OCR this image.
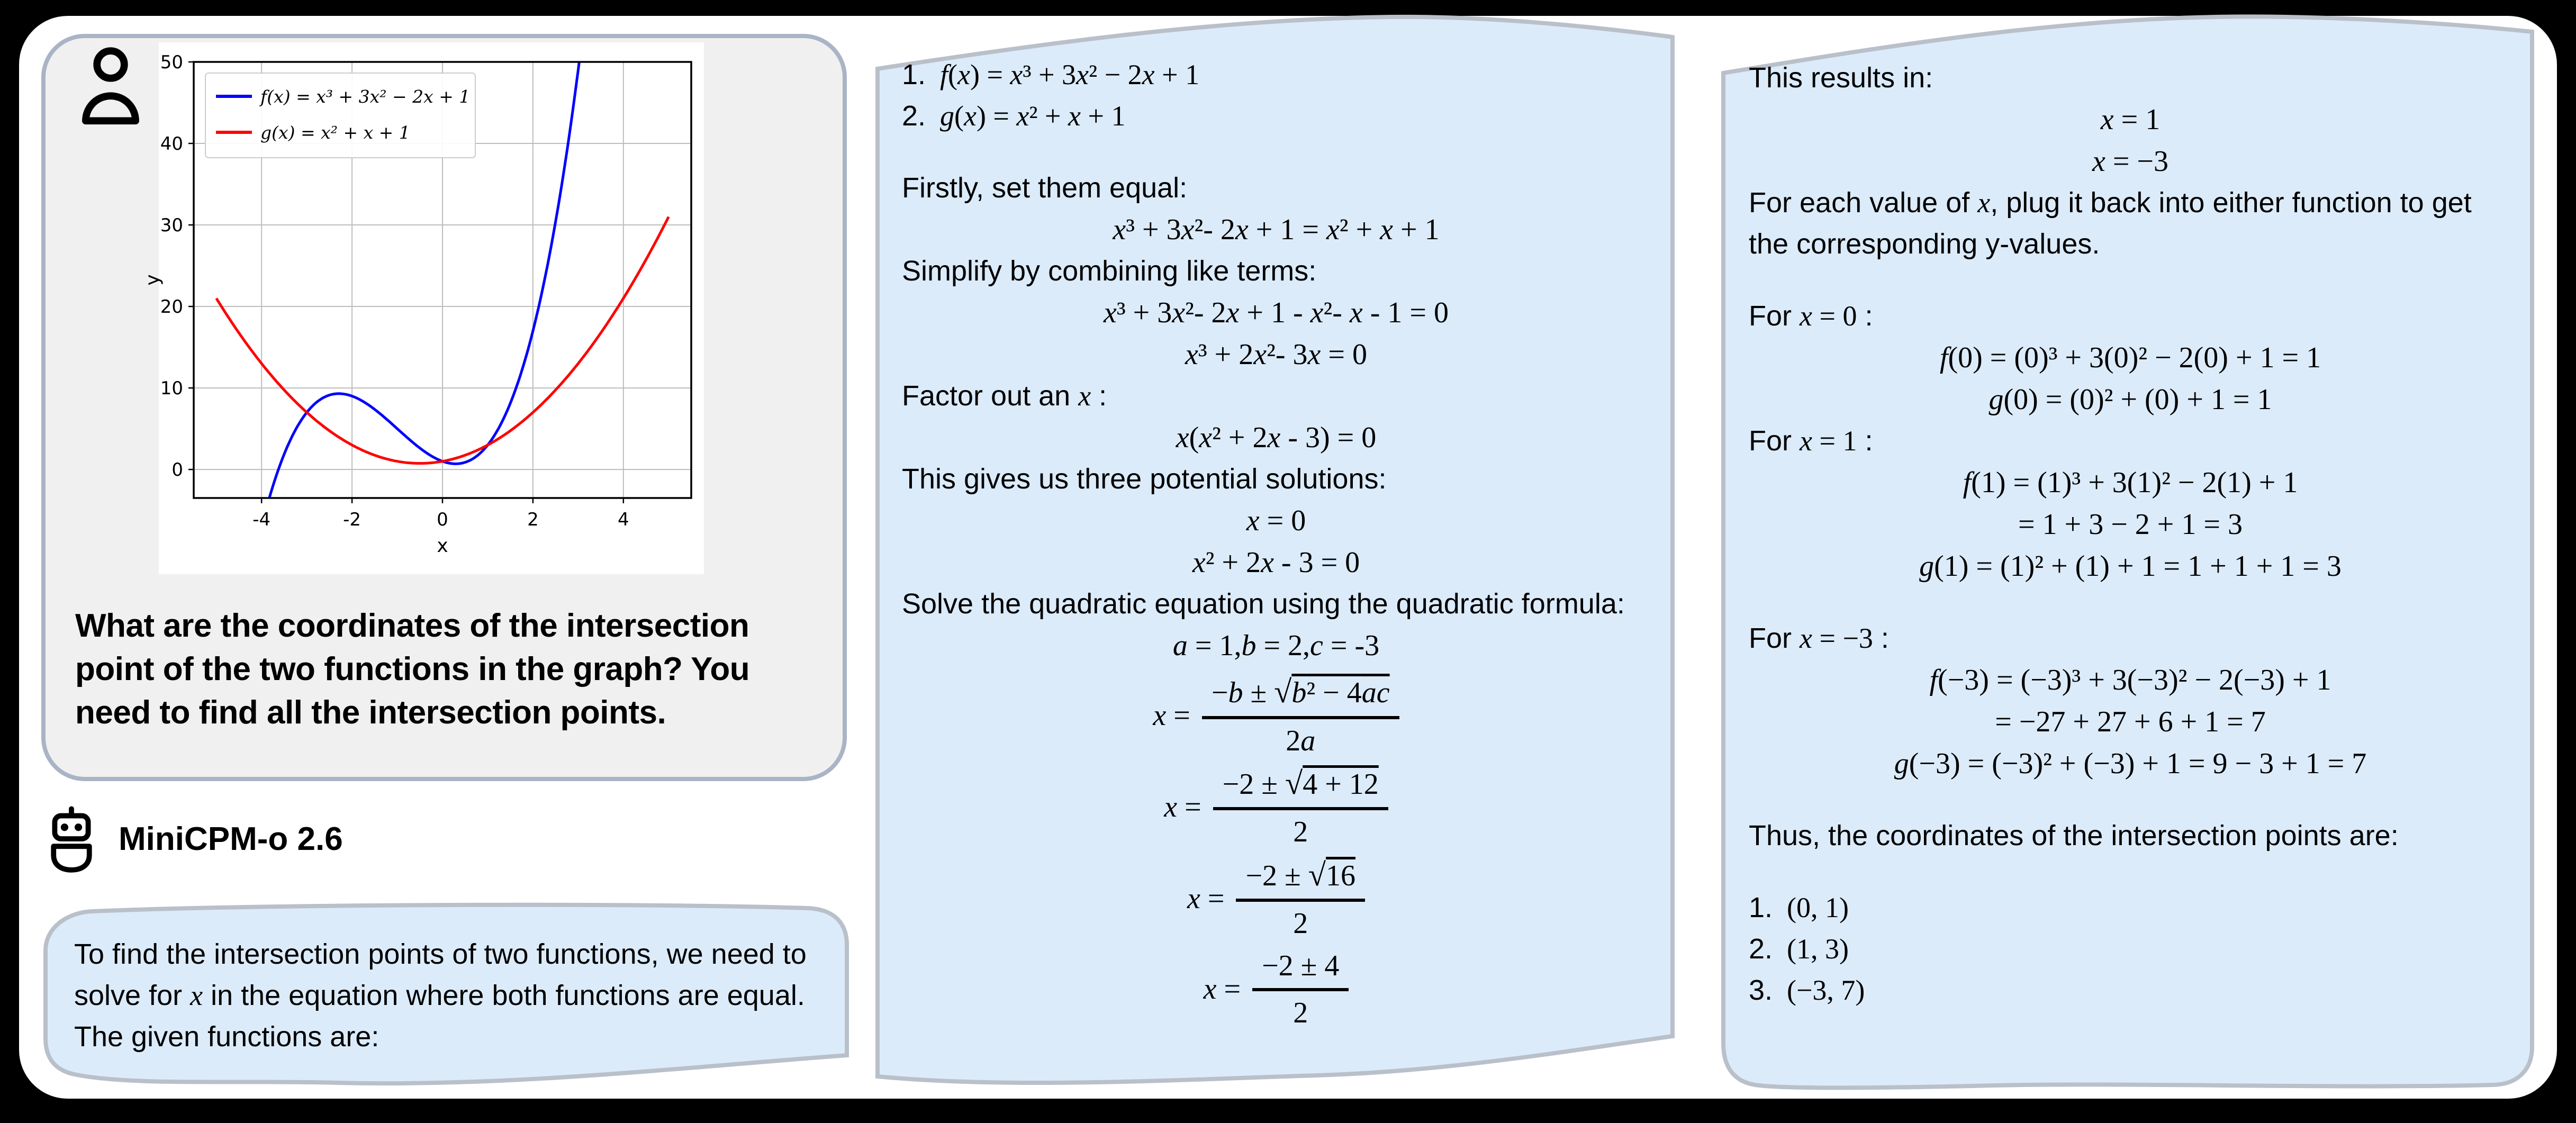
-4	-2	0	2	4
0
10
20
30
40
50
x
y
f(x) = x³ + 3x² − 2x + 1
g(x) = x² + x + 1
What are the coordinates of the intersection point of the two functions in the graph? You need to find all the intersection points.
MiniCPM-o 2.6
To find the intersection points of two functions, we need to solve for x in the equation where both functions are equal. The given functions are:
1. f(x) = x³ + 3x² − 2x + 1
2. g(x) = x² + x + 1
Firstly, set them equal:
x³ + 3x²- 2x + 1 = x² + x + 1
Simplify by combining like terms:
x³ + 3x²- 2x + 1 - x²- x - 1 = 0
x³ + 2x²- 3x = 0
Factor out an x :
x(x² + 2x - 3) = 0
This gives us three potential solutions:
x = 0
x² + 2x - 3 = 0
Solve the quadratic equation using the quadratic formula:
a = 1,b = 2,c = -3
$x = \frac{\text{−b ± √b² − 4ac}}{2a}$
$x = \frac{-2 \pm √4 + 12}{2}$
$x = \frac{-2 \pm √16}{2}$
$x = \frac{-2 \pm 4}{2}$
This results in:
x = 1
x = −3
For each value of x, plug it back into either function to get the corresponding y-values.
For x = 0 :
f(0) = (0)³ + 3(0)² − 2(0) + 1 = 1
g(0) = (0)² + (0) + 1 = 1
For x = 1 :
f(1) = (1)³ + 3(1)² − 2(1) + 1
= 1 + 3 − 2 + 1 = 3
g(1) = (1)² + (1) + 1 = 1 + 1 + 1 = 3
For x = −3 :
f(−3) = (−3)³ + 3(−3)² − 2(−3) + 1
= −27 + 27 + 6 + 1 = 7
g(−3) = (−3)² + (−3) + 1 = 9 − 3 + 1 = 7
Thus, the coordinates of the intersection points are:
1. (0, 1)
2. (1, 3)
3. (−3, 7)
